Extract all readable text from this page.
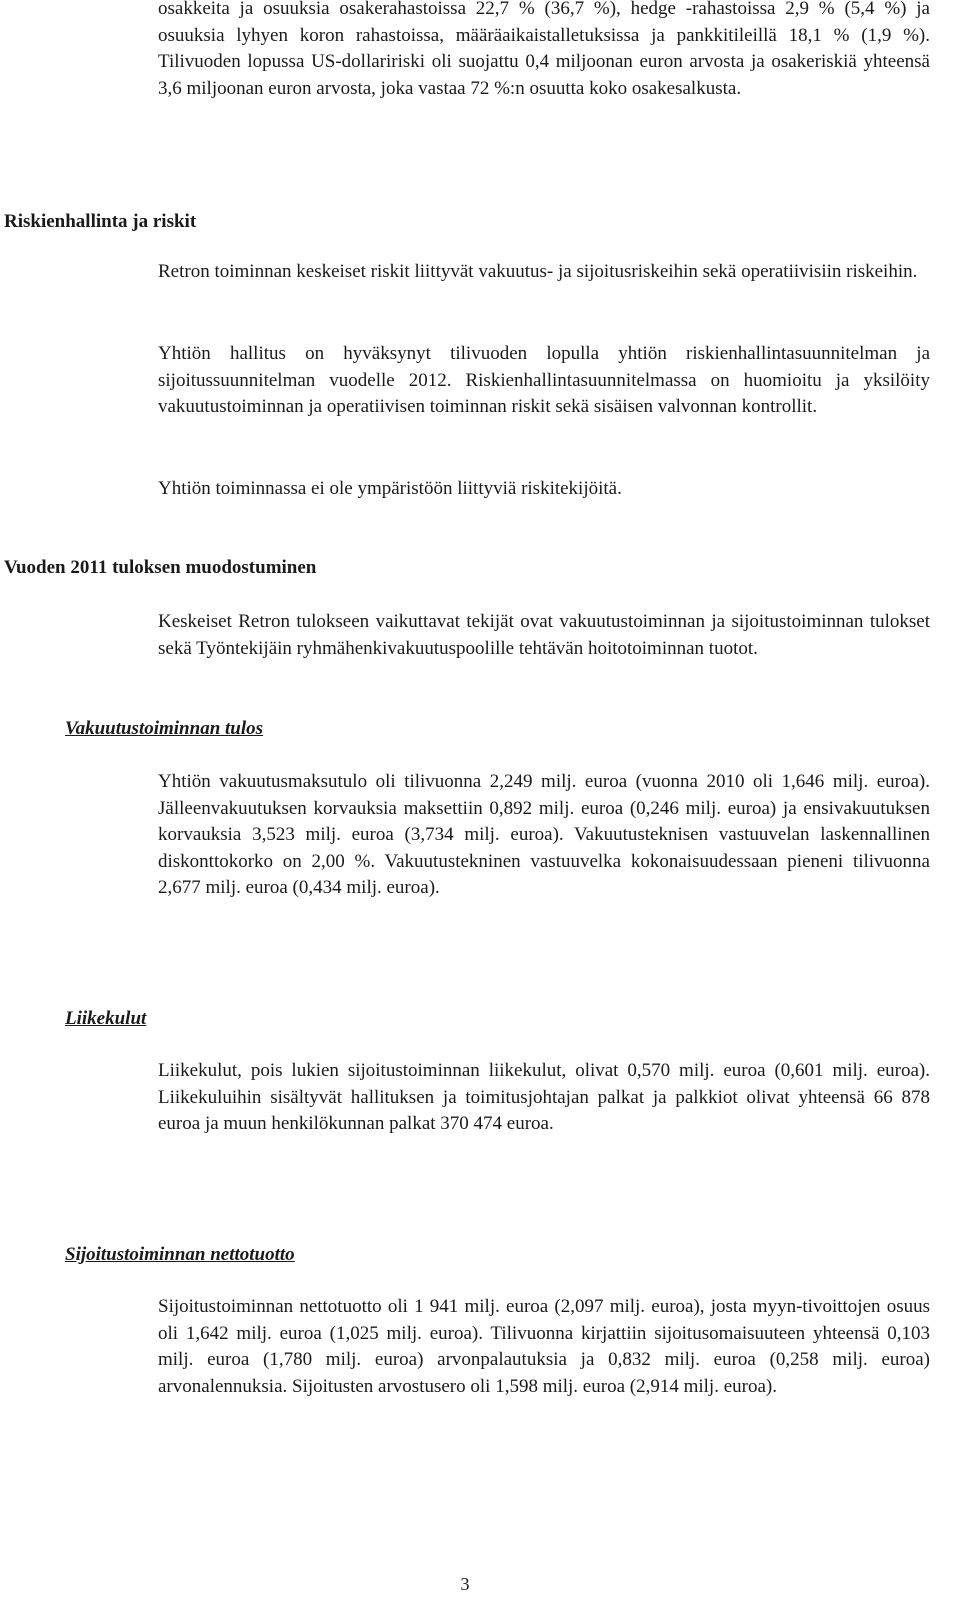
osakkeita ja osuuksia osakerahastoissa 22,7 % (36,7 %), hedge -rahastoissa 2,9 % (5,4 %) ja osuuksia lyhyen koron rahastoissa, määräaikaistalletuksissa ja pankkitileillä 18,1 % (1,9 %). Tilivuoden lopussa US-dollaririski oli suojattu 0,4 miljoonan euron arvosta ja osakeriskiä yhteensä 3,6 miljoonan euron arvosta, joka vastaa 72 %:n osuutta koko osakesalkusta.

Riskienhallinta ja riskit

Retron toiminnan keskeiset riskit liittyvät vakuutus- ja sijoitusriskeihin sekä operatiivisiin riskeihin.

Yhtiön hallitus on hyväksynyt tilivuoden lopulla yhtiön riskienhallintasuunnitelman ja sijoitussuunnitelman vuodelle 2012. Riskienhallintasuunnitelmassa on huomioitu ja yksilöity vakuutustoiminnan ja operatiivisen toiminnan riskit sekä sisäisen valvonnan kontrollit.

Yhtiön toiminnassa ei ole ympäristöön liittyviä riskitekijöitä.

Vuoden 2011 tuloksen muodostuminen

Keskeiset Retron tulokseen vaikuttavat tekijät ovat vakuutustoiminnan ja sijoitustoiminnan tulokset sekä Työntekijäin ryhmähenkivakuutuspoolille tehtävän hoitotoiminnan tuotot.

Vakuutustoiminnan tulos

Yhtiön vakuutusmaksutulo oli tilivuonna 2,249 milj. euroa (vuonna 2010 oli 1,646 milj. euroa). Jälleenvakuutuksen korvauksia maksettiin 0,892 milj. euroa (0,246 milj. euroa) ja ensivakuutuksen korvauksia 3,523 milj. euroa (3,734 milj. euroa). Vakuutusteknisen vastuuvelan laskennallinen diskonttokorko on 2,00 %. Vakuutustekninen vastuuvelka kokonaisuudessaan pieneni tilivuonna 2,677 milj. euroa (0,434 milj. euroa).

Liikekulut

Liikekulut, pois lukien sijoitustoiminnan liikekulut, olivat 0,570 milj. euroa (0,601 milj. euroa). Liikekuluihin sisältyvät hallituksen ja toimitusjohtajan palkat ja palkkiot olivat yhteensä 66 878 euroa ja muun henkilökunnan palkat 370 474 euroa.

Sijoitustoiminnan nettotuotto

Sijoitustoiminnan nettotuotto oli 1 941 milj. euroa (2,097 milj. euroa), josta myyn-tivoittojen osuus oli 1,642 milj. euroa (1,025 milj. euroa). Tilivuonna kirjattiin sijoitusomaisuuteen yhteensä 0,103 milj. euroa (1,780 milj. euroa) arvonpalautuksia ja 0,832 milj. euroa (0,258 milj. euroa) arvonalennuksia. Sijoitusten arvostusero oli 1,598 milj. euroa (2,914 milj. euroa).

3
